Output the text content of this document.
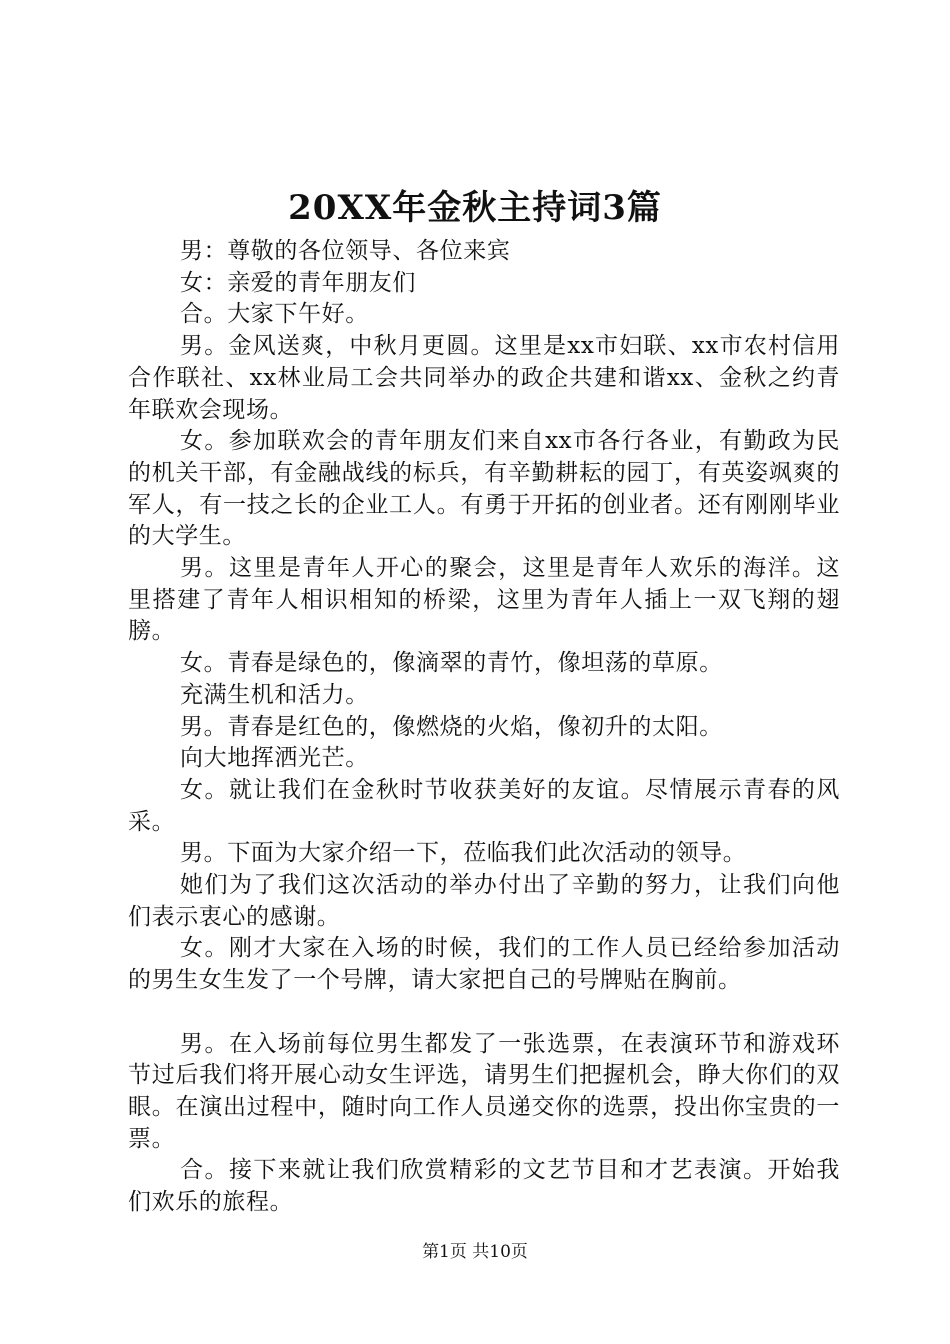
20XX年金秋主持词3篇

男：尊敬的各位领导、各位来宾

女：亲爱的青年朋友们

合。大家下午好。

男。金风送爽，中秋月更圆。这里是xx市妇联、xx市农村信用合作联社、xx林业局工会共同举办的政企共建和谐xx、金秋之约青年联欢会现场。

女。参加联欢会的青年朋友们来自xx市各行各业，有勤政为民的机关干部，有金融战线的标兵，有辛勤耕耘的园丁，有英姿飒爽的军人，有一技之长的企业工人。有勇于开拓的创业者。还有刚刚毕业的大学生。

男。这里是青年人开心的聚会，这里是青年人欢乐的海洋。这里搭建了青年人相识相知的桥梁，这里为青年人插上一双飞翔的翅膀。

女。青春是绿色的，像滴翠的青竹，像坦荡的草原。

充满生机和活力。

男。青春是红色的，像燃烧的火焰，像初升的太阳。

向大地挥洒光芒。

女。就让我们在金秋时节收获美好的友谊。尽情展示青春的风采。

男。下面为大家介绍一下，莅临我们此次活动的领导。

她们为了我们这次活动的举办付出了辛勤的努力，让我们向他们表示衷心的感谢。

女。刚才大家在入场的时候，我们的工作人员已经给参加活动的男生女生发了一个号牌，请大家把自己的号牌贴在胸前。

男。在入场前每位男生都发了一张选票，在表演环节和游戏环节过后我们将开展心动女生评选，请男生们把握机会，睁大你们的双眼。在演出过程中，随时向工作人员递交你的选票，投出你宝贵的一票。

合。接下来就让我们欣赏精彩的文艺节目和才艺表演。开始我们欢乐的旅程。

第1页 共10页
